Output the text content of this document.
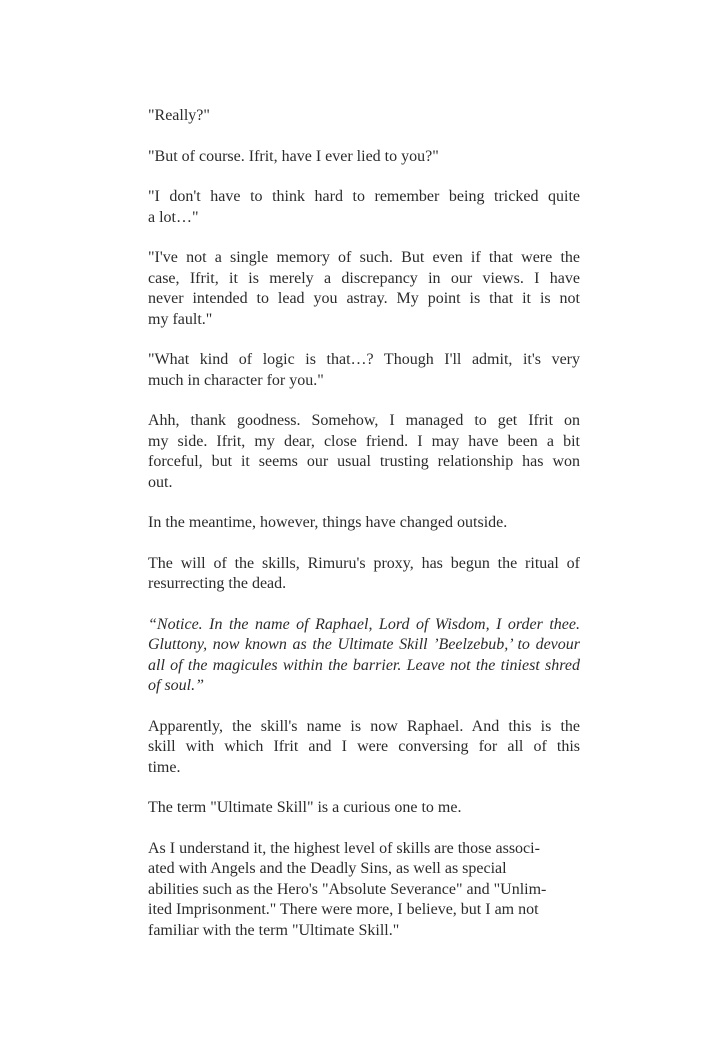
"Really?"
"But of course. Ifrit, have I ever lied to you?"
"I don't have to think hard to remember being tricked quite
a lot…"
"I've not a single memory of such. But even if that were the
case, Ifrit, it is merely a discrepancy in our views. I have
never intended to lead you astray. My point is that it is not
my fault."
"What kind of logic is that…? Though I'll admit, it's very
much in character for you."
Ahh, thank goodness. Somehow, I managed to get Ifrit on
my side. Ifrit, my dear, close friend. I may have been a bit
forceful, but it seems our usual trusting relationship has won
out.
In the meantime, however, things have changed outside.
The will of the skills, Rimuru's proxy, has begun the ritual of
resurrecting the dead.
“Notice. In the name of Raphael, Lord of Wisdom, I order thee.
Gluttony, now known as the Ultimate Skill ’Beelzebub,’ to devour
all of the magicules within the barrier. Leave not the tiniest shred
of soul.”
Apparently, the skill's name is now Raphael. And this is the
skill with which Ifrit and I were conversing for all of this
time.
The term "Ultimate Skill" is a curious one to me.
As I understand it, the highest level of skills are those associ-
ated with Angels and the Deadly Sins, as well as special
abilities such as the Hero's "Absolute Severance" and "Unlim-
ited Imprisonment." There were more, I believe, but I am not
familiar with the term "Ultimate Skill."
